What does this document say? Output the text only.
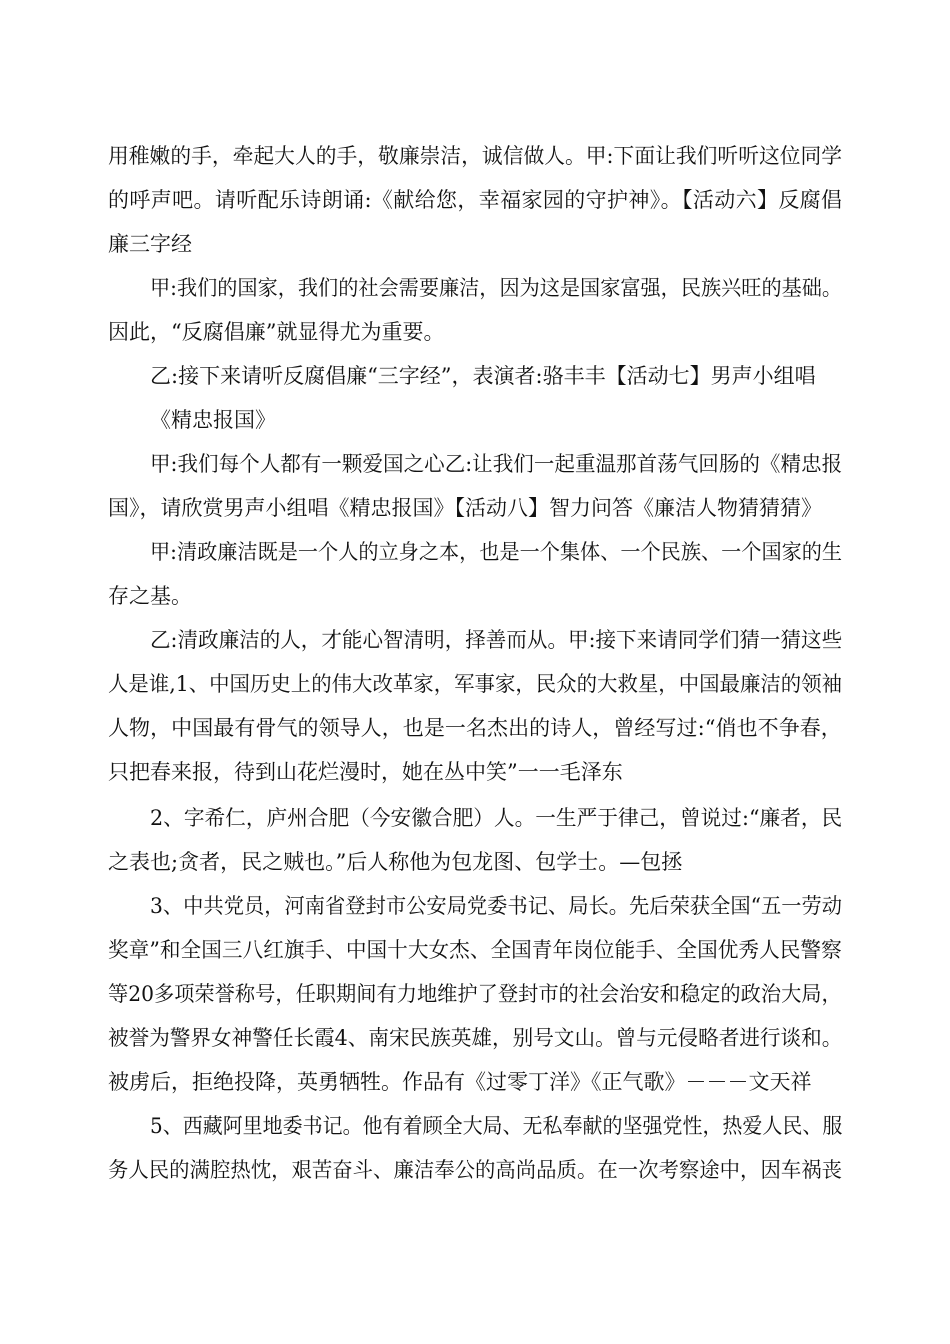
用稚嫩的手，牵起大人的手，敬廉崇洁，诚信做人。甲:下面让我们听听这位同学
的呼声吧。请听配乐诗朗诵:《献给您，幸福家园的守护神》。【活动六】反腐倡
廉三字经
甲:我们的国家，我们的社会需要廉洁，因为这是国家富强，民族兴旺的基础。
因此，“反腐倡廉”就显得尤为重要。
乙:接下来请听反腐倡廉“三字经”，表演者:骆丰丰【活动七】男声小组唱
《精忠报国》
甲:我们每个人都有一颗爱国之心乙:让我们一起重温那首荡气回肠的《精忠报
国》，请欣赏男声小组唱《精忠报国》【活动八】智力问答《廉洁人物猜猜猜》
甲:清政廉洁既是一个人的立身之本，也是一个集体、一个民族、一个国家的生
存之基。
乙:清政廉洁的人，才能心智清明，择善而从。甲:接下来请同学们猜一猜这些
人是谁,1、中国历史上的伟大改革家，军事家，民众的大救星，中国最廉洁的领袖
人物，中国最有骨气的领导人，也是一名杰出的诗人，曾经写过:“俏也不争春，
只把春来报，待到山花烂漫时，她在丛中笑”一一毛泽东
2、字希仁，庐州合肥（今安徽合肥）人。一生严于律己，曾说过:“廉者，民
之表也;贪者，民之贼也。”后人称他为包龙图、包学士。—包拯
3、中共党员，河南省登封市公安局党委书记、局长。先后荣获全国“五一劳动
奖章”和全国三八红旗手、中国十大女杰、全国青年岗位能手、全国优秀人民警察
等20多项荣誉称号，任职期间有力地维护了登封市的社会治安和稳定的政治大局，
被誉为警界女神警任长霞4、南宋民族英雄，别号文山。曾与元侵略者进行谈和。
被虏后，拒绝投降，英勇牺牲。作品有《过零丁洋》《正气歌》－－－文天祥
5、西藏阿里地委书记。他有着顾全大局、无私奉献的坚强党性，热爱人民、服
务人民的满腔热忱，艰苦奋斗、廉洁奉公的高尚品质。在一次考察途中，因车祸丧
